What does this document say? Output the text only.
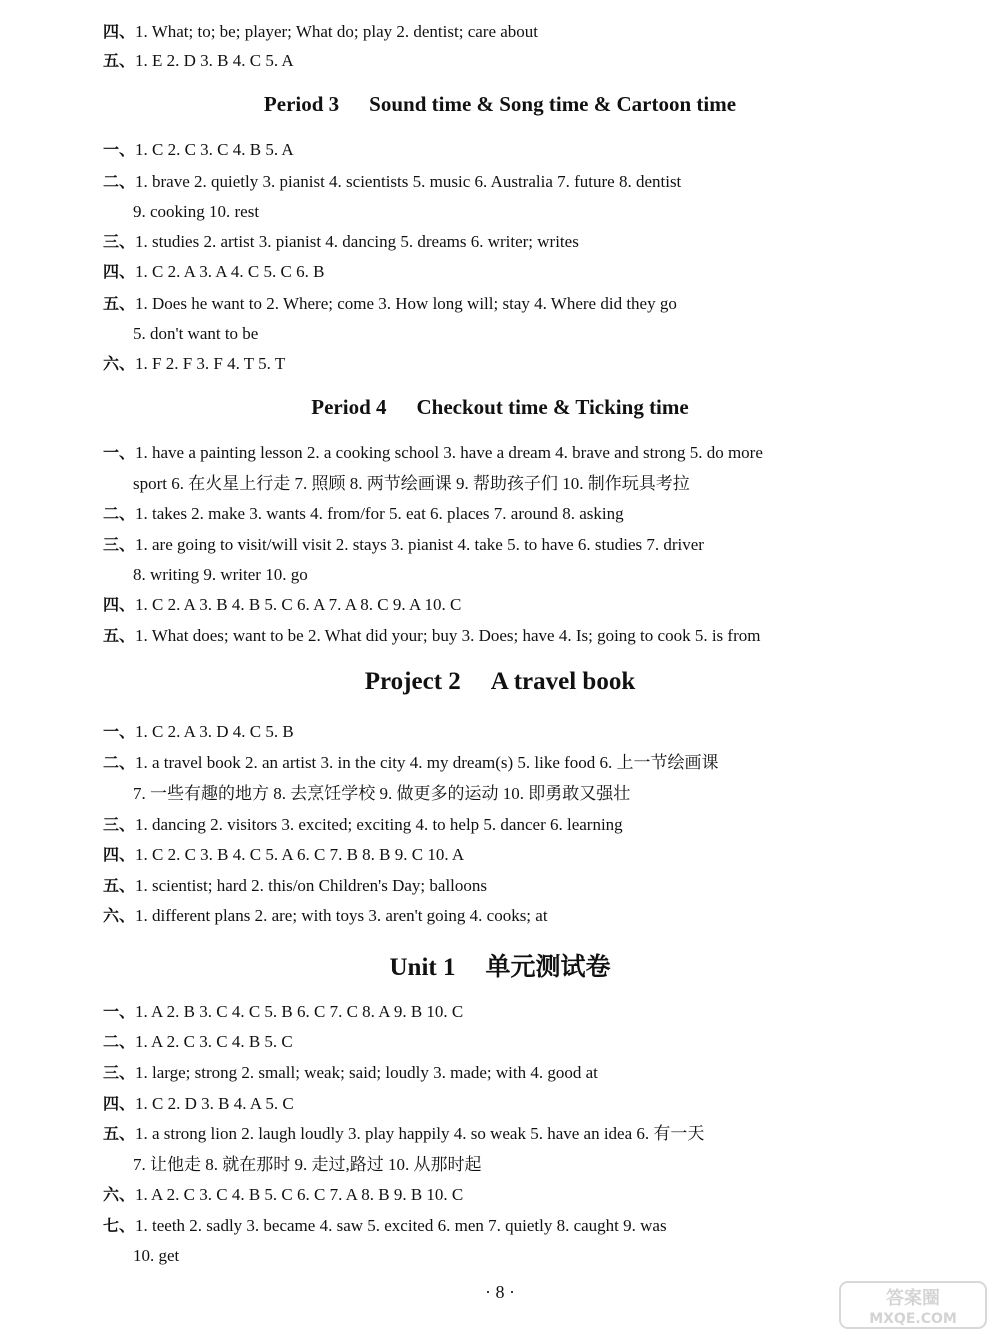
四、 1. What; to; be; player; What do; play 2. dentist; care about
五、 1. E 2. D 3. B 4. C 5. A
Period 3 Sound time & Song time & Cartoon time
一、 1. C 2. C 3. C 4. B 5. A
二、 1. brave 2. quietly 3. pianist 4. scientists 5. music 6. Australia 7. future 8. dentist
9. cooking 10. rest
三、 1. studies 2. artist 3. pianist 4. dancing 5. dreams 6. writer; writes
四、 1. C 2. A 3. A 4. C 5. C 6. B
五、 1. Does he want to 2. Where; come 3. How long will; stay 4. Where did they go
5. don't want to be
六、 1. F 2. F 3. F 4. T 5. T
Period 4 Checkout time & Ticking time
一、 1. have a painting lesson 2. a cooking school 3. have a dream 4. brave and strong 5. do more
sport 6. 在火星上行走 7. 照顾 8. 两节绘画课 9. 帮助孩子们 10. 制作玩具考拉
二、 1. takes 2. make 3. wants 4. from/for 5. eat 6. places 7. around 8. asking
三、 1. are going to visit/will visit 2. stays 3. pianist 4. take 5. to have 6. studies 7. driver
8. writing 9. writer 10. go
四、 1. C 2. A 3. B 4. B 5. C 6. A 7. A 8. C 9. A 10. C
五、 1. What does; want to be 2. What did your; buy 3. Does; have 4. Is; going to cook 5. is from
Project 2 A travel book
一、 1. C 2. A 3. D 4. C 5. B
二、 1. a travel book 2. an artist 3. in the city 4. my dream(s) 5. like food 6. 上一节绘画课
7. 一些有趣的地方 8. 去烹饪学校 9. 做更多的运动 10. 即勇敢又强壮
三、 1. dancing 2. visitors 3. excited; exciting 4. to help 5. dancer 6. learning
四、 1. C 2. C 3. B 4. C 5. A 6. C 7. B 8. B 9. C 10. A
五、 1. scientist; hard 2. this/on Children's Day; balloons
六、 1. different plans 2. are; with toys 3. aren't going 4. cooks; at
Unit 1 单元测试卷
一、 1. A 2. B 3. C 4. C 5. B 6. C 7. C 8. A 9. B 10. C
二、 1. A 2. C 3. C 4. B 5. C
三、 1. large; strong 2. small; weak; said; loudly 3. made; with 4. good at
四、 1. C 2. D 3. B 4. A 5. C
五、 1. a strong lion 2. laugh loudly 3. play happily 4. so weak 5. have an idea 6. 有一天
7. 让他走 8. 就在那时 9. 走过,路过 10. 从那时起
六、 1. A 2. C 3. C 4. B 5. C 6. C 7. A 8. B 9. B 10. C
七、 1. teeth 2. sadly 3. became 4. saw 5. excited 6. men 7. quietly 8. caught 9. was
10. get
· 8 ·	答案圈
MXQE.COM
